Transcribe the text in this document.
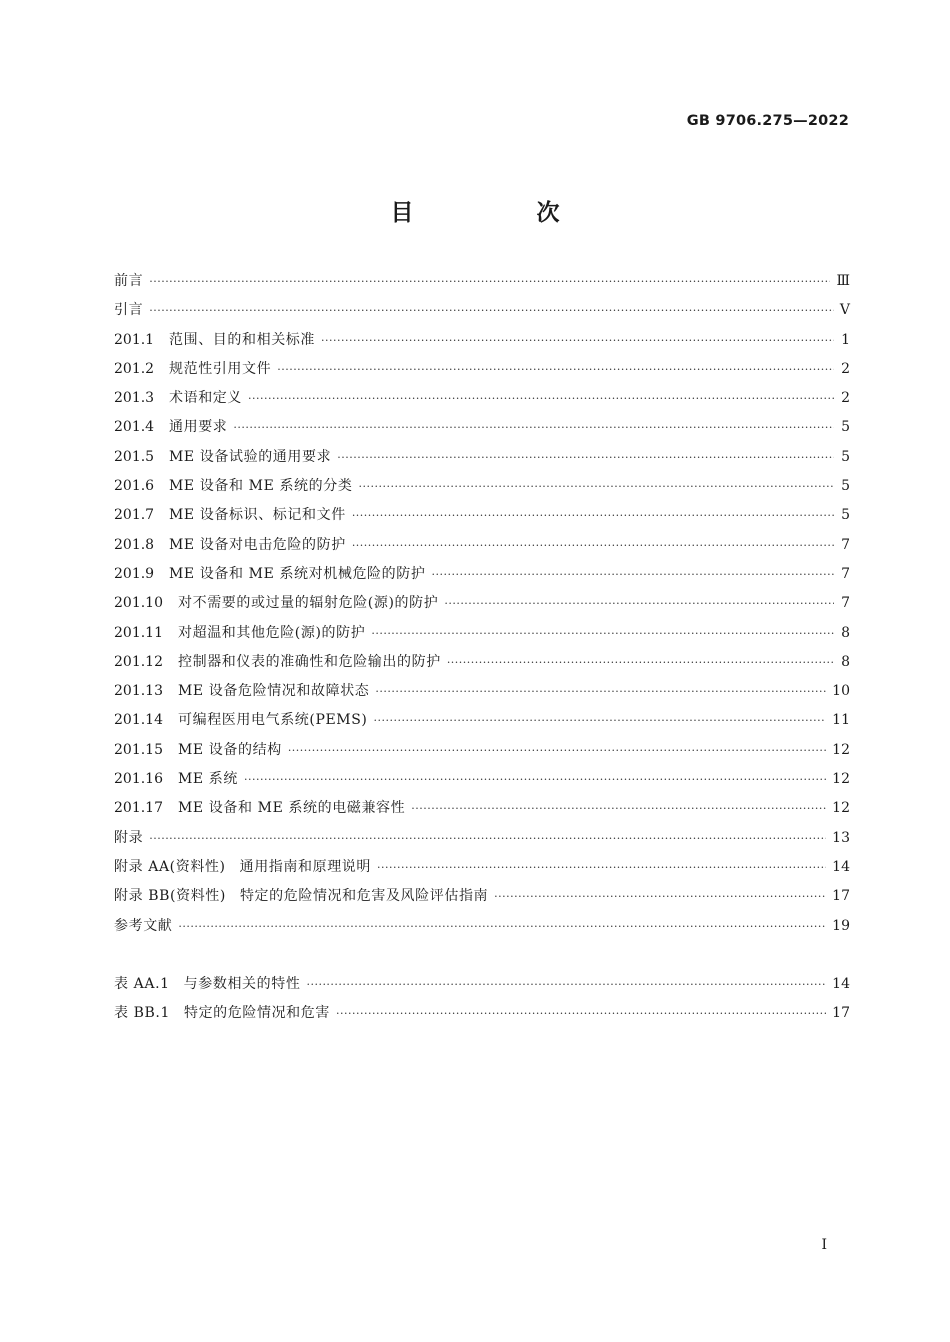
GB 9706.275—2022
目　次
前言 ·····	Ⅲ
引言 ·····	Ⅴ
201.1	范围、目的和相关标准 ·····	1
201.2	规范性引用文件 ·····	2
201.3	术语和定义 ·····	2
201.4	通用要求 ·····	5
201.5	ME 设备试验的通用要求 ·····	5
201.6	ME 设备和 ME 系统的分类 ·····	5
201.7	ME 设备标识、标记和文件 ·····	5
201.8	ME 设备对电击危险的防护 ·····	7
201.9	ME 设备和 ME 系统对机械危险的防护 ·····	7
201.10	对不需要的或过量的辐射危险(源)的防护 ·····	7
201.11	对超温和其他危险(源)的防护 ·····	8
201.12	控制器和仪表的准确性和危险输出的防护 ·····	8
201.13	ME 设备危险情况和故障状态 ·····	10
201.14	可编程医用电气系统(PEMS) ·····	11
201.15	ME 设备的结构 ·····	12
201.16	ME 系统 ·····	12
201.17	ME 设备和 ME 系统的电磁兼容性 ·····	12
附录 ·····	13
附录 AA(资料性)	通用指南和原理说明 ·····	14
附录 BB(资料性)	特定的危险情况和危害及风险评估指南 ·····	17
参考文献 ·····	19
表 AA.1	与参数相关的特性 ·····	14
表 BB.1	特定的危险情况和危害 ·····	17
I
